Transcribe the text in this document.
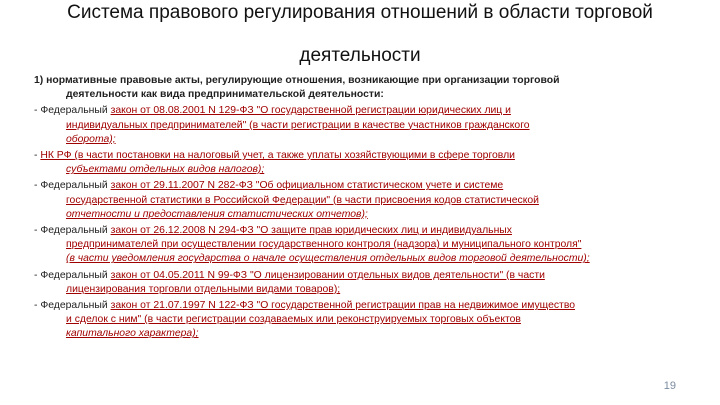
Система правового регулирования отношений в области торговой
деятельности
1) нормативные правовые акты, регулирующие отношения, возникающие при организации торговой
деятельности как вида предпринимательской деятельности:
- Федеральный закон от 08.08.2001 N 129-ФЗ "О государственной регистрации юридических лиц и
индивидуальных предпринимателей" (в части регистрации в качестве участников гражданского
оборота);
- НК РФ (в части постановки на налоговый учет, а также уплаты хозяйствующими в сфере торговли
субъектами отдельных видов налогов);
- Федеральный закон от 29.11.2007 N 282-ФЗ "Об официальном статистическом учете и системе
государственной статистики в Российской Федерации" (в части присвоения кодов статистической
отчетности и предоставления статистических отчетов);
- Федеральный закон от 26.12.2008 N 294-ФЗ "О защите прав юридических лиц и индивидуальных
предпринимателей при осуществлении государственного контроля (надзора) и муниципального контроля"
(в части уведомления государства о начале осуществления отдельных видов торговой деятельности);
- Федеральный закон от 04.05.2011 N 99-ФЗ "О лицензировании отдельных видов деятельности" (в части
лицензирования торговли отдельными видами товаров);
- Федеральный закон от 21.07.1997 N 122-ФЗ "О государственной регистрации прав на недвижимое имущество
и сделок с ним" (в части регистрации создаваемых или реконструируемых торговых объектов
капитального характера);
19
